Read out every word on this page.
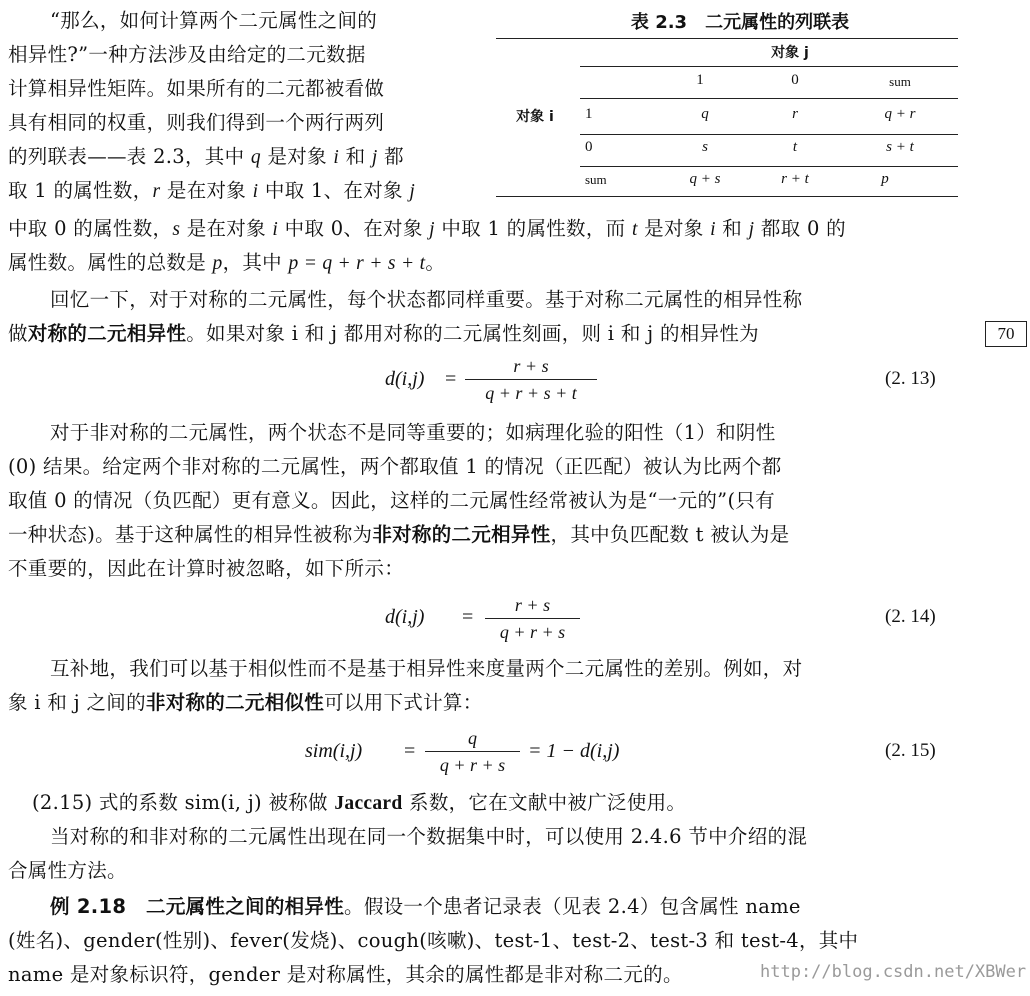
“那么，如何计算两个二元属性之间的
相异性?”一种方法涉及由给定的二元数据
计算相异性矩阵。如果所有的二元都被看做
具有相同的权重，则我们得到一个两行两列
的列联表——表 2.3，其中 q 是对象 i 和 j 都
取 1 的属性数，r 是在对象 i 中取 1、在对象 j
中取 0 的属性数，s 是在对象 i 中取 0、在对象 j 中取 1 的属性数，而 t 是对象 i 和 j 都取 0 的
属性数。属性的总数是 p，其中 p = q + r + s + t。
表 2.3　二元属性的列联表
对象 j
1	0	sum
对象 i	1	q	r	q + r
0	s	t	s + t
sum	q + s	r + t	p
回忆一下，对于对称的二元属性，每个状态都同样重要。基于对称二元属性的相异性称
做对称的二元相异性。如果对象 i 和 j 都用对称的二元属性刻画，则 i 和 j 的相异性为	70
d(i,j) =
r + s
q + r + s + t
(2. 13)
对于非对称的二元属性，两个状态不是同等重要的；如病理化验的阳性（1）和阴性
(0) 结果。给定两个非对称的二元属性，两个都取值 1 的情况（正匹配）被认为比两个都
取值 0 的情况（负匹配）更有意义。因此，这样的二元属性经常被认为是“一元的”(只有
一种状态)。基于这种属性的相异性被称为非对称的二元相异性，其中负匹配数 t 被认为是
不重要的，因此在计算时被忽略，如下所示：
d(i,j) =
r + s
q + r + s
(2. 14)
互补地，我们可以基于相似性而不是基于相异性来度量两个二元属性的差别。例如，对
象 i 和 j 之间的非对称的二元相似性可以用下式计算：
sim(i,j) =
q
q + r + s
= 1 − d(i,j)	(2. 15)
(2.15) 式的系数 sim(i, j) 被称做 Jaccard 系数，它在文献中被广泛使用。
当对称的和非对称的二元属性出现在同一个数据集中时，可以使用 2.4.6 节中介绍的混
合属性方法。
例 2.18　 二元属性之间的相异性。假设一个患者记录表（见表 2.4）包含属性 name
(姓名)、gender(性别)、fever(发烧)、cough(咳嗽)、test-1、test-2、test-3 和 test-4，其中
name 是对象标识符，gender 是对称属性，其余的属性都是非对称二元的。	http://blog.csdn.net/XBWer
